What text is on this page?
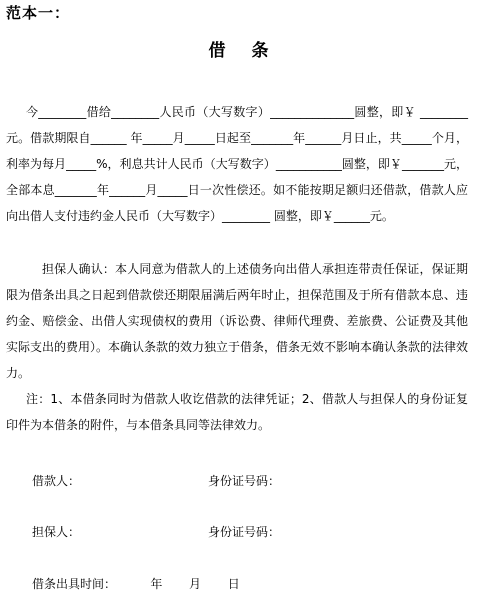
范本一：
借条
今________借给________人民币（大写数字）______________圆整，即￥ ________元。借款期限自______ 年_____月_____日起至_______年______月日止，共_____个月，利率为每月_____%，利息共计人民币（大写数字）___________圆整，即￥_______元，全部本息_______年______月_____日一次性偿还。如不能按期足额归还借款，借款人应向出借人支付违约金人民币（大写数字）________ 圆整，即￥______元。
担保人确认：本人同意为借款人的上述债务向出借人承担连带责任保证，保证期限为借条出具之日起到借款偿还期限届满后两年时止，担保范围及于所有借款本息、违约金、赔偿金、出借人实现债权的费用（诉讼费、律师代理费、差旅费、公证费及其他实际支出的费用）。本确认条款的效力独立于借条，借条无效不影响本确认条款的法律效力。
注：1、本借条同时为借款人收讫借款的法律凭证；2、借款人与担保人的身份证复印件为本借条的附件，与本借条具同等法律效力。
借款人：	身份证号码：
担保人：	身份证号码：
借条出具时间：         年       月       日
